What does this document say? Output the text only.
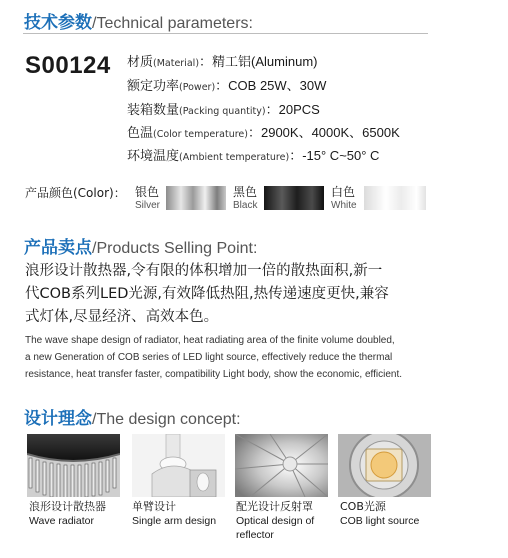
技术参数/Technical parameters:
S00124 材质(Material)：精工铝(Aluminum)
额定功率(Power)：COB 25W、30W
装箱数量(Packing quantity)：20PCS
色温(Color temperature)：2900K、4000K、6500K
环境温度(Ambient temperature)：-15° C~50° C
产品颜色(Color)： 银色
Silver
黑色
Black
白色
White
产品卖点/Products Selling Point:
浪形设计散热器,令有限的体积增加一倍的散热面积,新一
代COB系列LED光源,有效降低热阻,热传递速度更快,兼容
式灯体,尽显经济、高效本色。
The wave shape design of radiator, heat radiating area of the finite volume doubled,
a new Generation of COB series of LED light source, effectively reduce the thermal
resistance, heat transfer faster, compatibility Light body, show the economic, efficient.
设计理念/The design concept:
浪形设计散热器
Wave radiator
单臂设计
Single arm design
配光设计反射罩
Optical design of reflector
COB光源
COB light source
